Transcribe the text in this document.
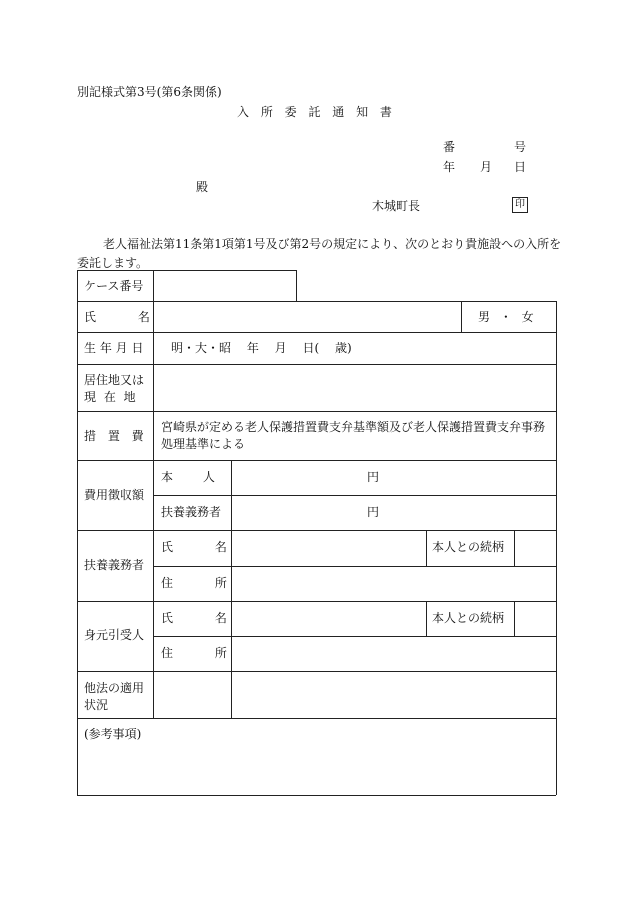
別記様式第3号(第6条関係)
入 所 委 託 通 知 書
番	号
年 月 日
殿
木城町長	印
老人福祉法第11条第1項第1号及び第2号の規定により、次のとおり貴施設への入所を
委託します。
ケース番号
氏 名	男 ・ 女
生 年 月 日 明・大・昭 年 月 日( 歳)
居住地又は
現 在 地
措 置 費
宮崎県が定める老人保護措置費支弁基準額及び老人保護措置費支弁事務
処理基準による
費用徴収額
本 人	円
扶養義務者	円
扶養義務者
氏 名	本人との続柄
住 所
身元引受人
氏 名	本人との続柄
住 所
他法の適用
状況
(参考事項)
